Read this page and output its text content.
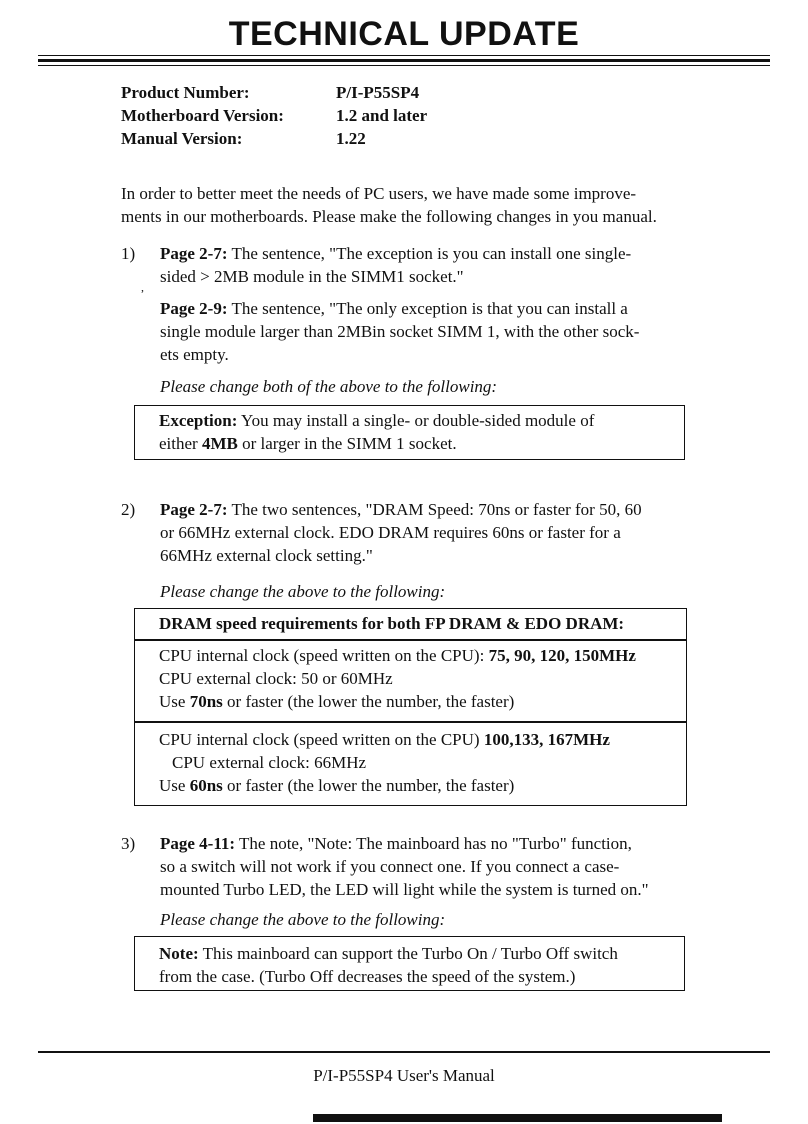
TECHNICAL UPDATE
Product Number:	P/I-P55SP4
Motherboard Version:	1.2 and later
Manual Version:	1.22
In order to better meet the needs of PC users, we have made some improve-
ments in our motherboards. Please make the following changes in you manual.
1) Page 2-7: The sentence, "The exception is you can install one single-
sided > 2MB module in the SIMM1 socket."
,
Page 2-9: The sentence, "The only exception is that you can install a
single module larger than 2MBin socket SIMM 1, with the other sock-
ets empty.
Please change both of the above to the following:
Exception: You may install a single- or double-sided module of
either 4MB or larger in the SIMM 1 socket.
2) Page 2-7: The two sentences, "DRAM Speed: 70ns or faster for 50, 60
or 66MHz external clock. EDO DRAM requires 60ns or faster for a
66MHz external clock setting."
Please change the above to the following:
DRAM speed requirements for both FP DRAM & EDO DRAM:
CPU internal clock (speed written on the CPU): 75, 90, 120, 150MHz
CPU external clock: 50 or 60MHz
Use 70ns or faster (the lower the number, the faster)
CPU internal clock (speed written on the CPU) 100,133, 167MHz
CPU external clock: 66MHz
Use 60ns or faster (the lower the number, the faster)
3) Page 4-11: The note, "Note: The mainboard has no "Turbo" function,
so a switch will not work if you connect one. If you connect a case-
mounted Turbo LED, the LED will light while the system is turned on."
Please change the above to the following:
Note: This mainboard can support the Turbo On / Turbo Off switch
from the case. (Turbo Off decreases the speed of the system.)
P/I-P55SP4 User's Manual
